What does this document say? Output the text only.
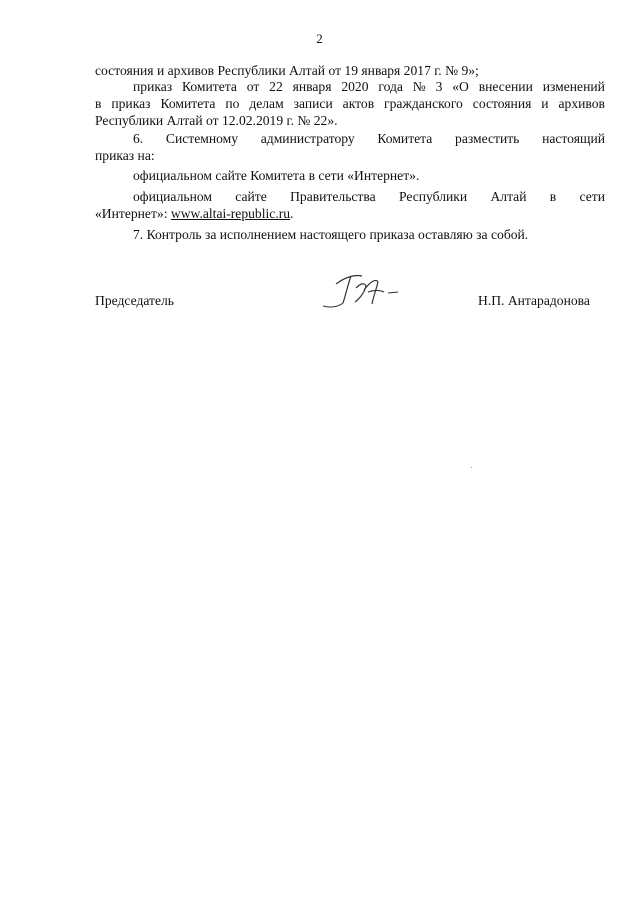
2
состояния и архивов Республики Алтай от 19 января 2017 г. № 9»;
приказ Комитета от 22 января 2020 года № 3 «О внесении изменений
в приказ Комитета по делам записи актов гражданского состояния и архивов
Республики Алтай от 12.02.2019 г. № 22».
6. Системному администратору Комитета разместить настоящий
приказ на:
официальном сайте Комитета в сети «Интернет».
официальном сайте Правительства Республики Алтай в сети
«Интернет»: www.altai-republic.ru.
7. Контроль за исполнением настоящего приказа оставляю за собой.
Председатель	Н.П. Антарадонова
